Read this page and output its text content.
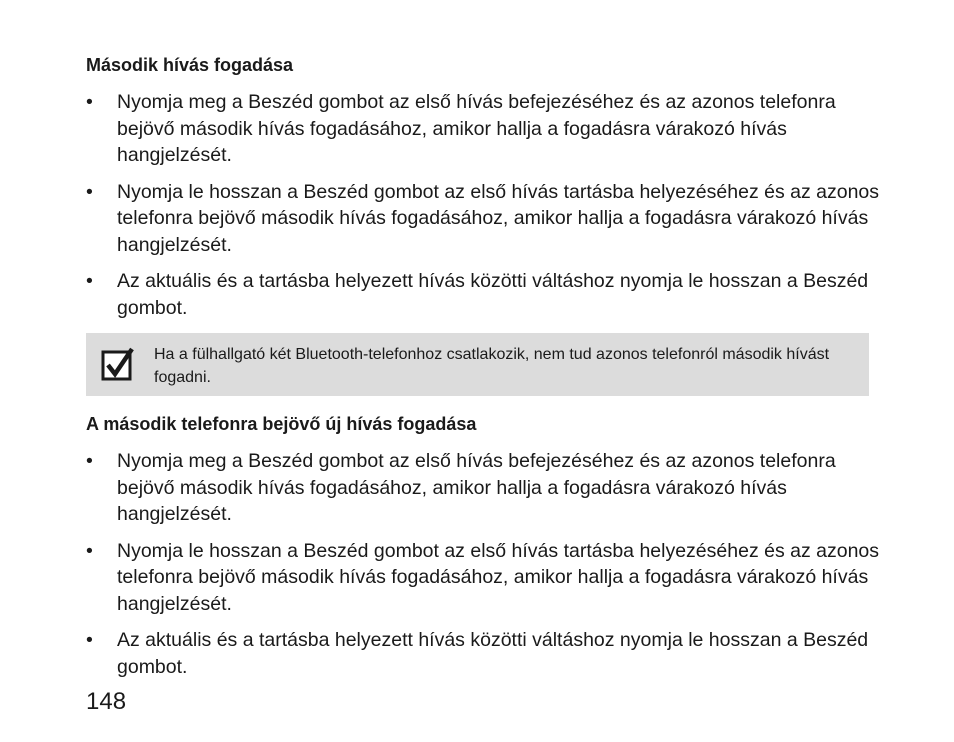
Második hívás fogadása
• Nyomja meg a Beszéd gombot az első hívás befejezéséhez és az azonos telefonra bejövő második hívás fogadásához, amikor hallja a fogadásra várakozó hívás hangjelzését.
• Nyomja le hosszan a Beszéd gombot az első hívás tartásba helyezéséhez és az azonos telefonra bejövő második hívás fogadásához, amikor hallja a fogadásra várakozó hívás hangjelzését.
• Az aktuális és a tartásba helyezett hívás közötti váltáshoz nyomja le hosszan a Beszéd gombot.

Ha a fülhallgató két Bluetooth-telefonhoz csatlakozik, nem tud azonos telefonról második hívást fogadni.

A második telefonra bejövő új hívás fogadása
• Nyomja meg a Beszéd gombot az első hívás befejezéséhez és az azonos telefonra bejövő második hívás fogadásához, amikor hallja a fogadásra várakozó hívás hangjelzését.
• Nyomja le hosszan a Beszéd gombot az első hívás tartásba helyezéséhez és az azonos telefonra bejövő második hívás fogadásához, amikor hallja a fogadásra várakozó hívás hangjelzését.
• Az aktuális és a tartásba helyezett hívás közötti váltáshoz nyomja le hosszan a Beszéd gombot.

148
